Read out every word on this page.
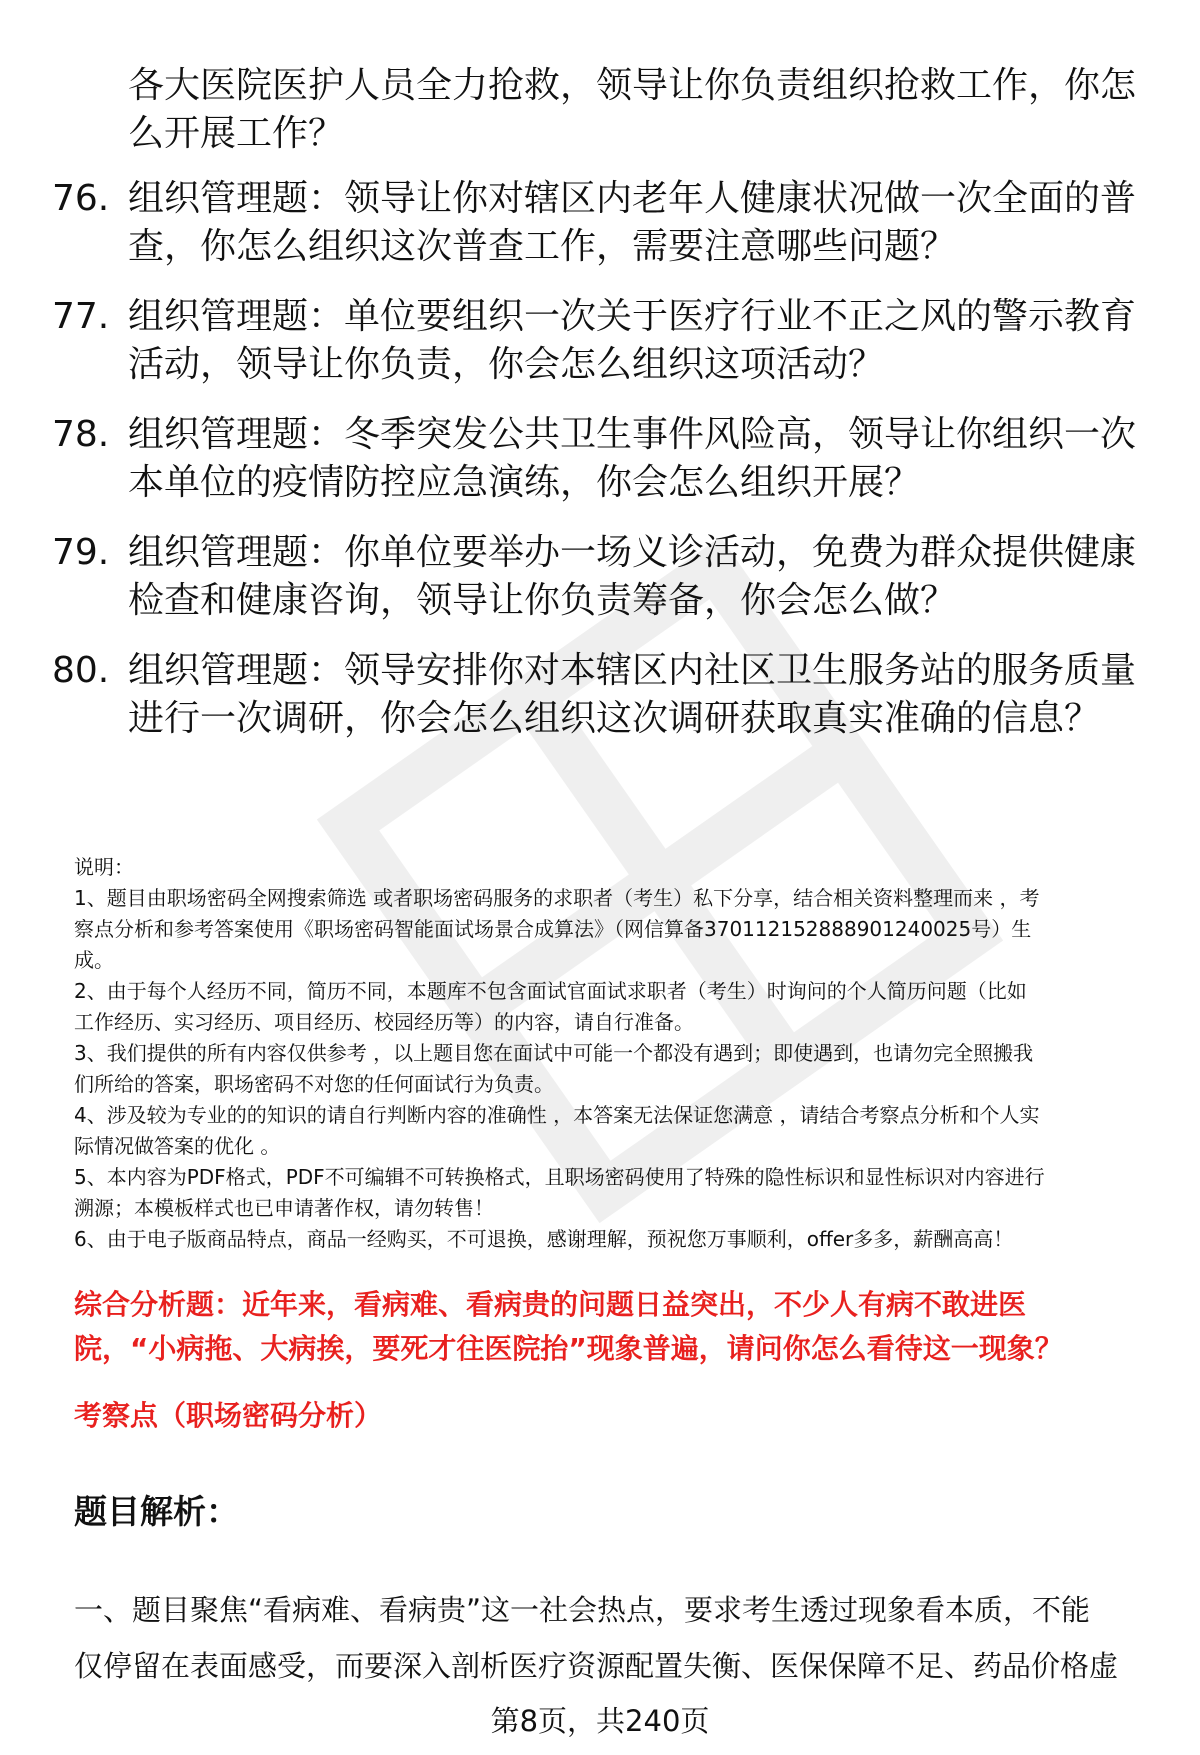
各大医院医护人员全力抢救，领导让你负责组织抢救工作，你怎
么开展工作？
76. 组织管理题：领导让你对辖区内老年人健康状况做一次全面的普
查，你怎么组织这次普查工作，需要注意哪些问题？
77. 组织管理题：单位要组织一次关于医疗行业不正之风的警示教育
活动，领导让你负责，你会怎么组织这项活动？
78. 组织管理题：冬季突发公共卫生事件风险高，领导让你组织一次
本单位的疫情防控应急演练，你会怎么组织开展？
79. 组织管理题：你单位要举办一场义诊活动，免费为群众提供健康
检查和健康咨询，领导让你负责筹备，你会怎么做？
80. 组织管理题：领导安排你对本辖区内社区卫生服务站的服务质量
进行一次调研，你会怎么组织这次调研获取真实准确的信息？

说明：

1、题目由职场密码全网搜索筛选 或者职场密码服务的求职者（考生）私下分享，结合相关资料整理而来 ，考

察点分析和参考答案使用《职场密码智能面试场景合成算法》（网信算备370112152888901240025号）生

成。

2、由于每个人经历不同，简历不同，本题库不包含面试官面试求职者（考生）时询问的个人简历问题（比如

工作经历、实习经历、项目经历、校园经历等）的内容，请自行准备。

3、我们提供的所有内容仅供参考 ，以上题目您在面试中可能一个都没有遇到；即使遇到，也请勿完全照搬我

们所给的答案，职场密码不对您的任何面试行为负责。

4、涉及较为专业的的知识的请自行判断内容的准确性 ，本答案无法保证您满意 ，请结合考察点分析和个人实

际情况做答案的优化 。

5、本内容为PDF格式，PDF不可编辑不可转换格式，且职场密码使用了特殊的隐性标识和显性标识对内容进行

溯源；本模板样式也已申请著作权，请勿转售！

6、由于电子版商品特点，商品一经购买，不可退换，感谢理解，预祝您万事顺利，offer多多，薪酬高高！

综合分析题：近年来，看病难、看病贵的问题日益突出，不少人有病不敢进医
院，“小病拖、大病挨，要死才往医院抬”现象普遍，请问你怎么看待这一现象？
考察点（职场密码分析）
题目解析：
一、题目聚焦“看病难、看病贵”这一社会热点，要求考生透过现象看本质，不能
仅停留在表面感受，而要深入剖析医疗资源配置失衡、医保保障不足、药品价格虚
第8页，共240页
